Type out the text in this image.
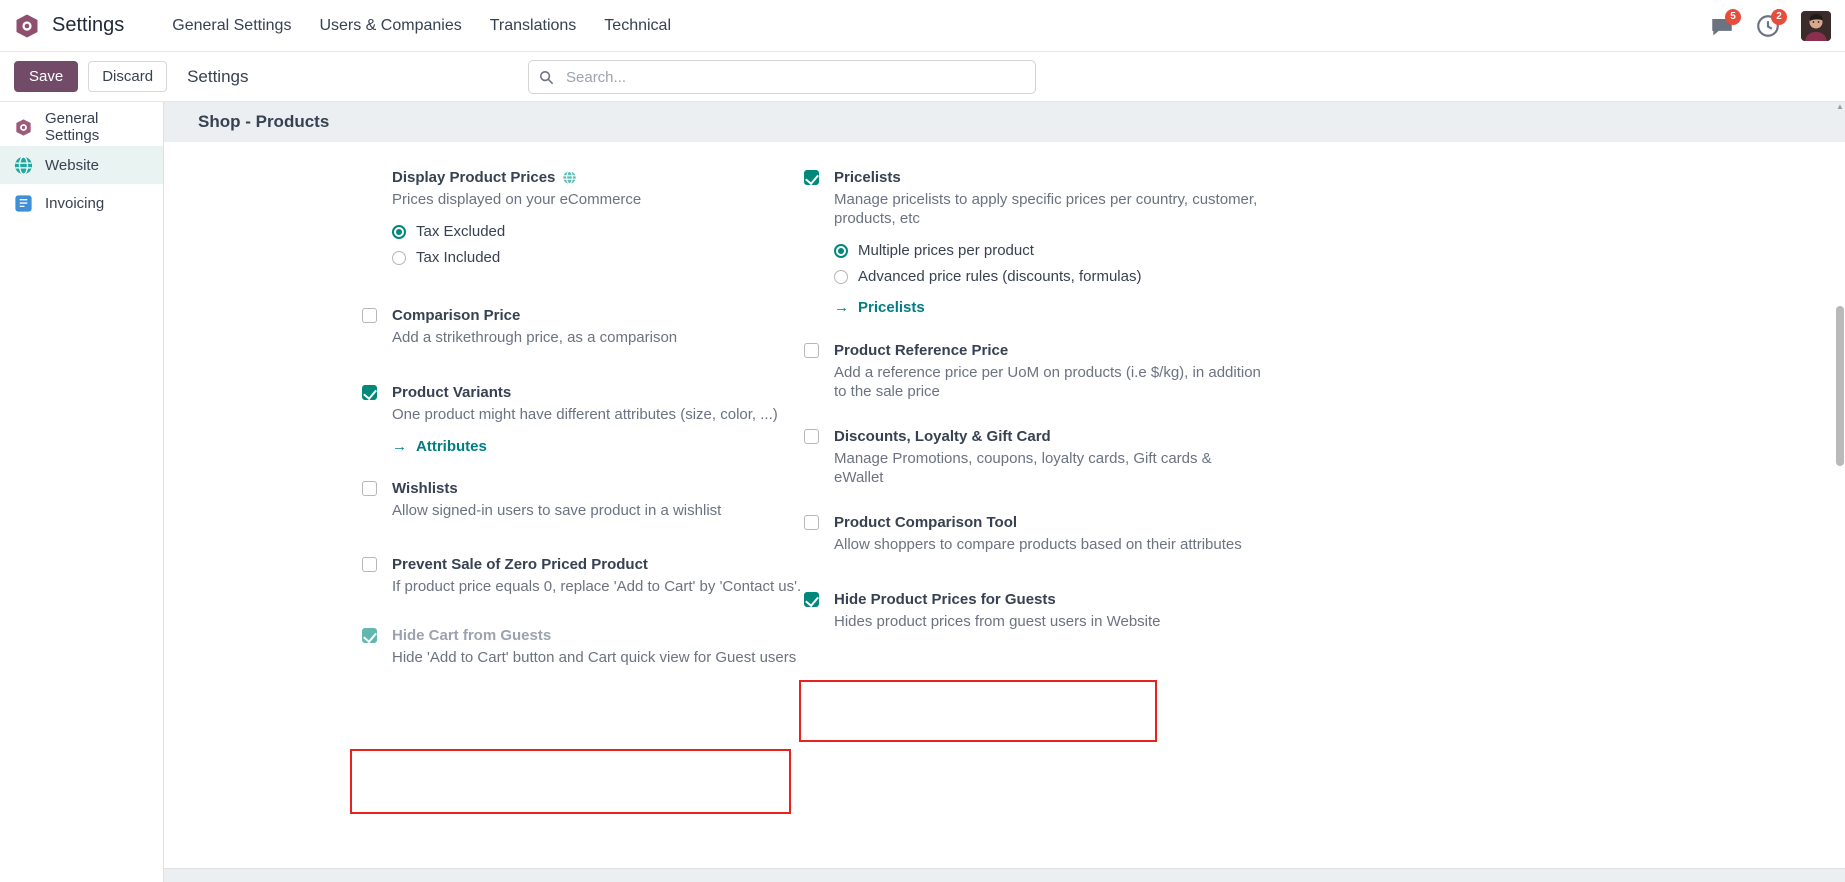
Settings	General Settings	Users & Companies	Translations	Technical	5	2
Save	Discard	Settings
Search...
General Settings
Website
Invoicing
Shop - Products
Display Product Prices
Prices displayed on your eCommerce
Tax Excluded
Tax Included
Comparison Price
Add a strikethrough price, as a comparison
Product Variants
One product might have different attributes (size, color, ...)
→ Attributes
Wishlists
Allow signed-in users to save product in a wishlist
Prevent Sale of Zero Priced Product
If product price equals 0, replace 'Add to Cart' by 'Contact us'.
Hide Cart from Guests
Hide 'Add to Cart' button and Cart quick view for Guest users
Pricelists
Manage pricelists to apply specific prices per country, customer, products, etc
Multiple prices per product
Advanced price rules (discounts, formulas)
→ Pricelists
Product Reference Price
Add a reference price per UoM on products (i.e $/kg), in addition to the sale price
Discounts, Loyalty & Gift Card
Manage Promotions, coupons, loyalty cards, Gift cards & eWallet
Product Comparison Tool
Allow shoppers to compare products based on their attributes
Hide Product Prices for Guests
Hides product prices from guest users in Website
▲
